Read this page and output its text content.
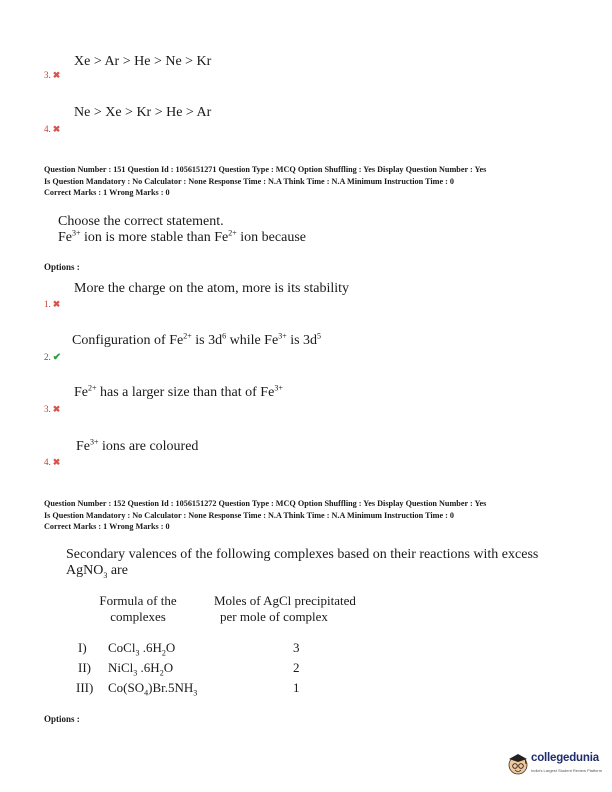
Xe > Ar > He > Ne > Kr
3. ✖
Ne > Xe > Kr > He > Ar
4. ✖
Question Number : 151 Question Id : 1056151271 Question Type : MCQ Option Shuffling : Yes Display Question Number : Yes
Is Question Mandatory : No Calculator : None Response Time : N.A Think Time : N.A Minimum Instruction Time : 0
Correct Marks : 1 Wrong Marks : 0
Choose the correct statement.
$Fe^{3+}$ ion is more stable than $Fe^{2+}$ ion because
Options :
More the charge on the atom, more is its stability
1. ✖
Configuration of $Fe^{2+}$ is $3d^6$ while $Fe^{3+}$ is $3d^5$
2. ✔
$Fe^{2+}$ has a larger size than that of $Fe^{3+}$
3. ✖
$Fe^{3+}$ ions are coloured
4. ✖
Question Number : 152 Question Id : 1056151272 Question Type : MCQ Option Shuffling : Yes Display Question Number : Yes
Is Question Mandatory : No Calculator : None Response Time : N.A Think Time : N.A Minimum Instruction Time : 0
Correct Marks : 1 Wrong Marks : 0
Secondary valences of the following complexes based on their reactions with excess
AgNO$_3$ are
Formula of the
complexes
Moles of AgCl precipitated
per mole of complex
I) CoCl$_3$ $.6H_2O$	3
II) NiCl$_3$ $.6H_2O$	2
III) $Co(SO_4)Br.5NH_3$	1
Options :
collegedunia
India's Largest Student Review Platform
